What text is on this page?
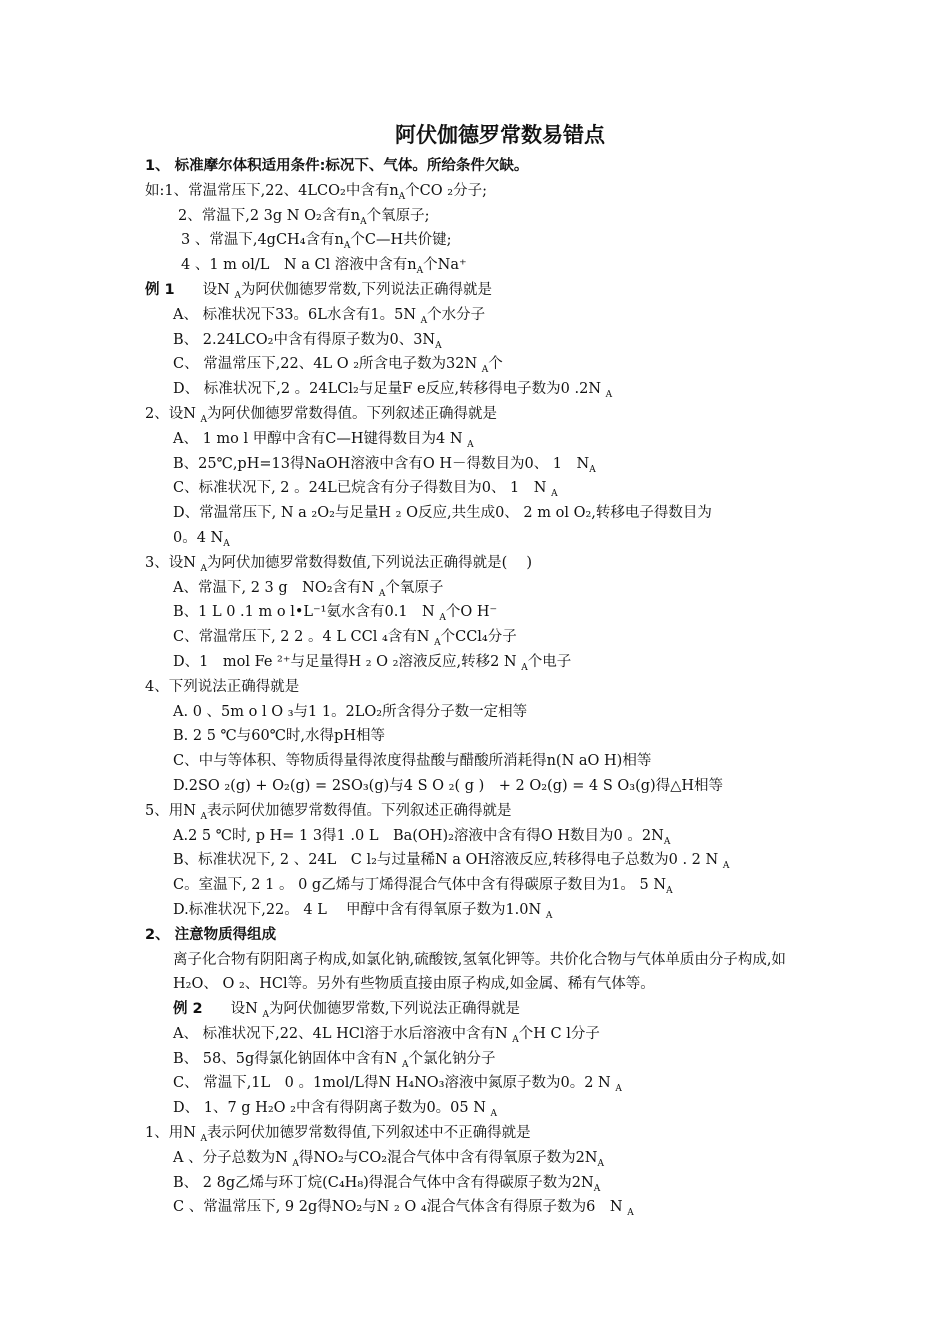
阿伏伽德罗常数易错点
1、 标准摩尔体积适用条件:标况下、气体。所给条件欠缺。
如:1、常温常压下,22、4LCO₂中含有$n_A$个CO ₂分子;
2、常温下,2 3g N O₂含有$n_A$个氧原子;
3 、常温下,4gCH₄含有$n_A$个C—H共价键;
4 、1 m ol/L　N a Cl 溶液中含有$n_A$个Na⁺
例 1 设N $_A$为阿伏伽德罗常数,下列说法正确得就是
A、 标准状况下33。6L水含有1。5N $_A$个水分子
B、 2.24LCO₂中含有得原子数为0、$3N_A$
C、 常温常压下,22、4L O ₂所含电子数为32N $_A$个
D、 标准状况下,2 。24LCl₂与足量F e反应,转移得电子数为0 .2N $_A$
2、设N $_A$为阿伏伽德罗常数得值。下列叙述正确得就是
A、 1 mo l 甲醇中含有C—H键得数目为4 N $_A$
B、25℃,pH=13得NaOH溶液中含有O H－得数目为0、 1　$N_A$
C、标准状况下, 2 。24L已烷含有分子得数目为0、 1　N $_A$
D、常温常压下, N a ₂O₂与足量H ₂ O反应,共生成0、 2 m ol O₂,转移电子得数目为
0。4 $N_A$
3、设N $_A$为阿伏加德罗常数得数值,下列说法正确得就是(　 )
A、常温下, 2 3 g　NO₂含有N $_A$个氧原子
B、1 L 0 .1 m o l•L⁻¹氨水含有0.1　N $_A$个O H⁻
C、常温常压下, 2 2 。4 L CCl ₄含有N $_A$个CCl₄分子
D、1　mol Fe ²⁺与足量得H ₂ O ₂溶液反应,转移2 N $_A$个电子
4、下列说法正确得就是
A. 0 、5m o l O ₃与1 1。2LO₂所含得分子数一定相等
B. 2 5 ℃与60℃时,水得pH相等
C、中与等体积、等物质得量得浓度得盐酸与醋酸所消耗得n(N aO H)相等
D.2SO ₂(g) + O₂(g) = 2SO₃(g)与4 S O ₂( g )　+ 2 O₂(g) = 4 S O₃(g)得△H相等
5、用N $_A$表示阿伏加德罗常数得值。下列叙述正确得就是
A.2 5 ℃时, p H= 1 3得1 .0 L　Ba(OH)₂溶液中含有得O H数目为0 。$2N_A$
B、标准状况下, 2 、24L　C l₂与过量稀N a OH溶液反应,转移得电子总数为0 . 2 N $_A$
C。室温下, 2 1 。 0 g乙烯与丁烯得混合气体中含有得碳原子数目为1。 5 $N_A$
D.标准状况下,22。 4 L　 甲醇中含有得氧原子数为1.0N $_A$
2、 注意物质得组成
离子化合物有阴阳离子构成,如氯化钠,硫酸铵,氢氧化钾等。共价化合物与气体单质由分子构成,如H₂O、 O ₂、HCl等。另外有些物质直接由原子构成,如金属、稀有气体等。
例 2 设N $_A$为阿伏伽德罗常数,下列说法正确得就是
A、 标准状况下,22、4L HCl溶于水后溶液中含有N $_A$个H C l分子
B、 58、5g得氯化钠固体中含有N $_A$个氯化钠分子
C、 常温下,1L　0 。1mol/L得N H₄NO₃溶液中氮原子数为0。2 N $_A$
D、 1、7 g H₂O ₂中含有得阴离子数为0。05 N $_A$
1、用N $_A$表示阿伏加德罗常数得值,下列叙述中不正确得就是
A 、分子总数为N $_A$得NO₂与CO₂混合气体中含有得氧原子数为$2N_A$
B、 2 8g乙烯与环丁烷(C₄H₈)得混合气体中含有得碳原子数为$2N_A$
C 、常温常压下, 9 2g得NO₂与N ₂ O ₄混合气体含有得原子数为6　N $_A$
